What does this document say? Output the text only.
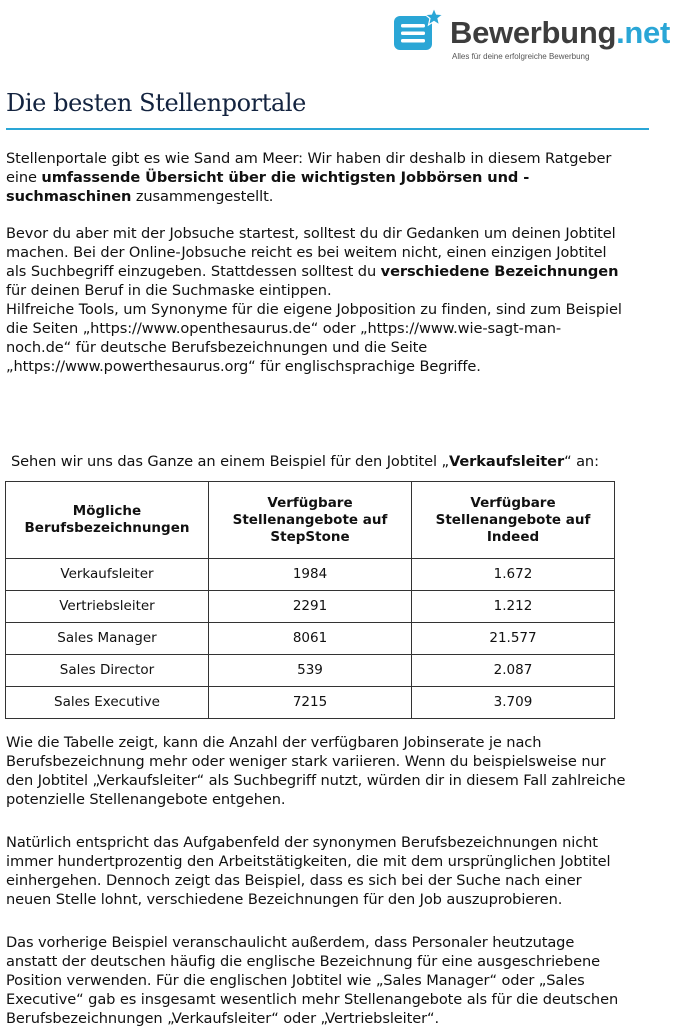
Bewerbung.net
Alles für deine erfolgreiche Bewerbung
Die besten Stellenportale

Stellenportale gibt es wie Sand am Meer: Wir haben dir deshalb in diesem Ratgeber eine umfassende Übersicht über die wichtigsten Jobbörsen und -suchmaschinen zusammengestellt.

Bevor du aber mit der Jobsuche startest, solltest du dir Gedanken um deinen Jobtitel machen. Bei der Online-Jobsuche reicht es bei weitem nicht, einen einzigen Jobtitel als Suchbegriff einzugeben. Stattdessen solltest du verschiedene Bezeichnungen für deinen Beruf in die Suchmaske eintippen.

Hilfreiche Tools, um Synonyme für die eigene Jobposition zu finden, sind zum Beispiel die Seiten „https://www.openthesaurus.de“ oder „https://www.wie-sagt-man-noch.de“ für deutsche Berufsbezeichnungen und die Seite „https://www.powerthesaurus.org“ für englischsprachige Begriffe.

Sehen wir uns das Ganze an einem Beispiel für den Jobtitel „Verkaufsleiter“ an:

Mögliche Berufsbezeichnungen	Verfügbare Stellenangebote auf StepStone	Verfügbare Stellenangebote auf Indeed
Verkaufsleiter	1984	1.672
Vertriebsleiter	2291	1.212
Sales Manager	8061	21.577
Sales Director	539	2.087
Sales Executive	7215	3.709
Wie die Tabelle zeigt, kann die Anzahl der verfügbaren Jobinserate je nach Berufsbezeichnung mehr oder weniger stark variieren. Wenn du beispielsweise nur den Jobtitel „Verkaufsleiter“ als Suchbegriff nutzt, würden dir in diesem Fall zahlreiche potenzielle Stellenangebote entgehen.
Natürlich entspricht das Aufgabenfeld der synonymen Berufsbezeichnungen nicht immer hundertprozentig den Arbeitstätigkeiten, die mit dem ursprünglichen Jobtitel einhergehen. Dennoch zeigt das Beispiel, dass es sich bei der Suche nach einer neuen Stelle lohnt, verschiedene Bezeichnungen für den Job auszuprobieren.
Das vorherige Beispiel veranschaulicht außerdem, dass Personaler heutzutage anstatt der deutschen häufig die englische Bezeichnung für eine ausgeschriebene Position verwenden. Für die englischen Jobtitel wie „Sales Manager“ oder „Sales Executive“ gab es insgesamt wesentlich mehr Stellenangebote als für die deutschen Berufsbezeichnungen „Verkaufsleiter“ oder „Vertriebsleiter“.
